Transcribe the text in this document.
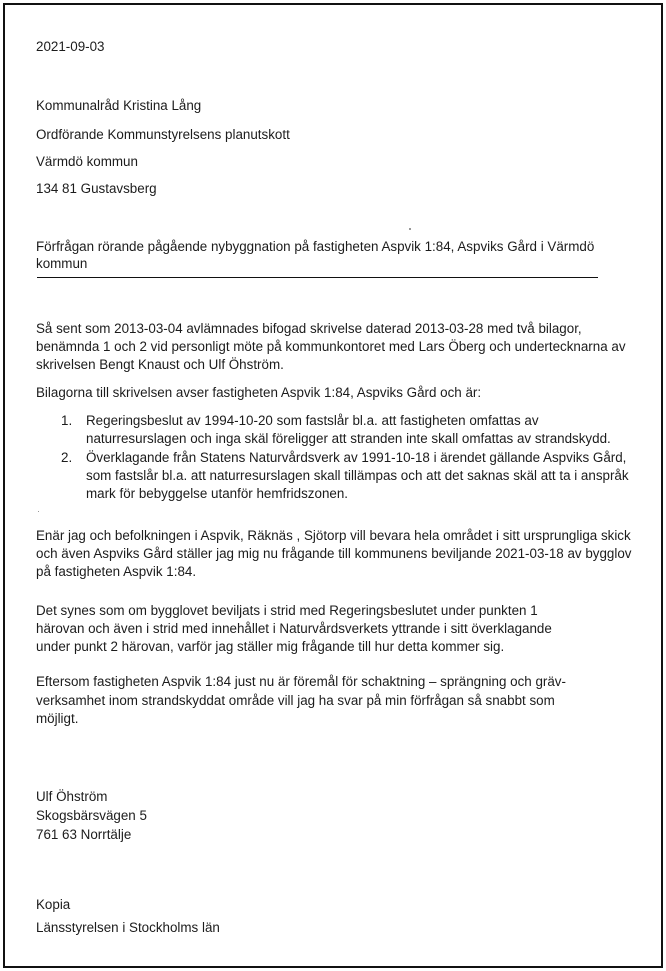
2021-09-03
Kommunalråd Kristina Lång
Ordförande Kommunstyrelsens planutskott
Värmdö kommun
134 81 Gustavsberg
Förfrågan rörande pågående nybyggnation på fastigheten Aspvik 1:84, Aspviks Gård i Värmdö
kommun
Så sent som 2013-03-04 avlämnades bifogad skrivelse daterad 2013-03-28 med två bilagor,
benämnda 1 och 2 vid personligt möte på kommunkontoret med Lars Öberg och undertecknarna av
skrivelsen Bengt Knaust och Ulf Öhström.
Bilagorna till skrivelsen avser fastigheten Aspvik 1:84, Aspviks Gård och är:
1. Regeringsbeslut av 1994-10-20 som fastslår bl.a. att fastigheten omfattas av
naturresurslagen och inga skäl föreligger att stranden inte skall omfattas av strandskydd.
2. Överklagande från Statens Naturvårdsverk av 1991-10-18 i ärendet gällande Aspviks Gård,
som fastslår bl.a. att naturresurslagen skall tillämpas och att det saknas skäl att ta i anspråk
mark för bebyggelse utanför hemfridszonen.
Enär jag och befolkningen i Aspvik, Räknäs , Sjötorp vill bevara hela området i sitt ursprungliga skick
och även Aspviks Gård ställer jag mig nu frågande till kommunens beviljande 2021-03-18 av bygglov
på fastigheten Aspvik 1:84.
Det synes som om bygglovet beviljats i strid med Regeringsbeslutet under punkten 1
härovan och även i strid med innehållet i Naturvårdsverkets yttrande i sitt överklagande
under punkt 2 härovan, varför jag ställer mig frågande till hur detta kommer sig.
Eftersom fastigheten Aspvik 1:84 just nu är föremål för schaktning – sprängning och gräv-
verksamhet inom strandskyddat område vill jag ha svar på min förfrågan så snabbt som
möjligt.
Ulf Öhström
Skogsbärsvägen 5
761 63 Norrtälje
Kopia
Länsstyrelsen i Stockholms län
